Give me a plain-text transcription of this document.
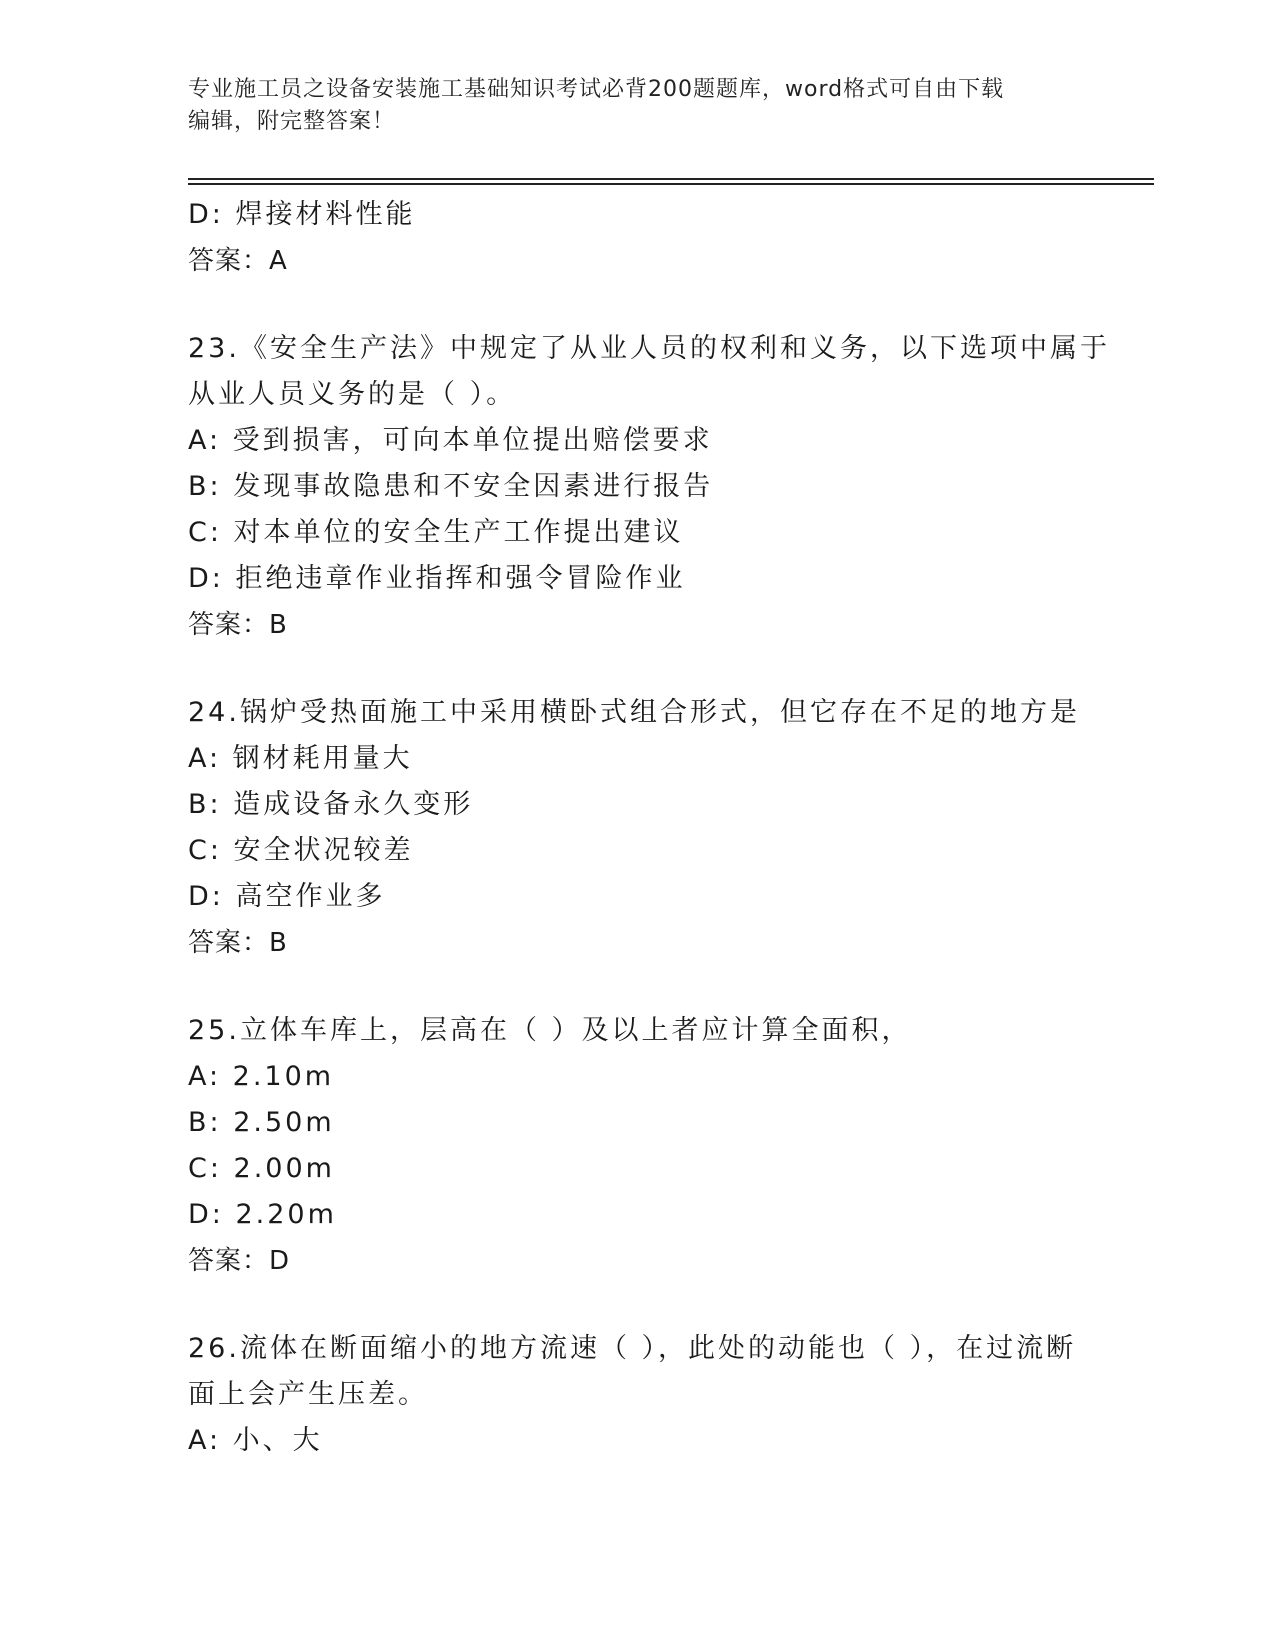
专业施工员之设备安装施工基础知识考试必背200题题库，word格式可自由下载
编辑，附完整答案！
D: 焊接材料性能
答案：A
23.《安全生产法》中规定了从业人员的权利和义务，以下选项中属于
从业人员义务的是（ ）。
A: 受到损害，可向本单位提出赔偿要求
B: 发现事故隐患和不安全因素进行报告
C: 对本单位的安全生产工作提出建议
D: 拒绝违章作业指挥和强令冒险作业
答案：B
24.锅炉受热面施工中采用横卧式组合形式，但它存在不足的地方是
A: 钢材耗用量大
B: 造成设备永久变形
C: 安全状况较差
D: 高空作业多
答案：B
25.立体车库上，层高在（ ）及以上者应计算全面积，
A: 2.10m
B: 2.50m
C: 2.00m
D: 2.20m
答案：D
26.流体在断面缩小的地方流速（ ），此处的动能也（ ），在过流断
面上会产生压差。
A: 小、大
